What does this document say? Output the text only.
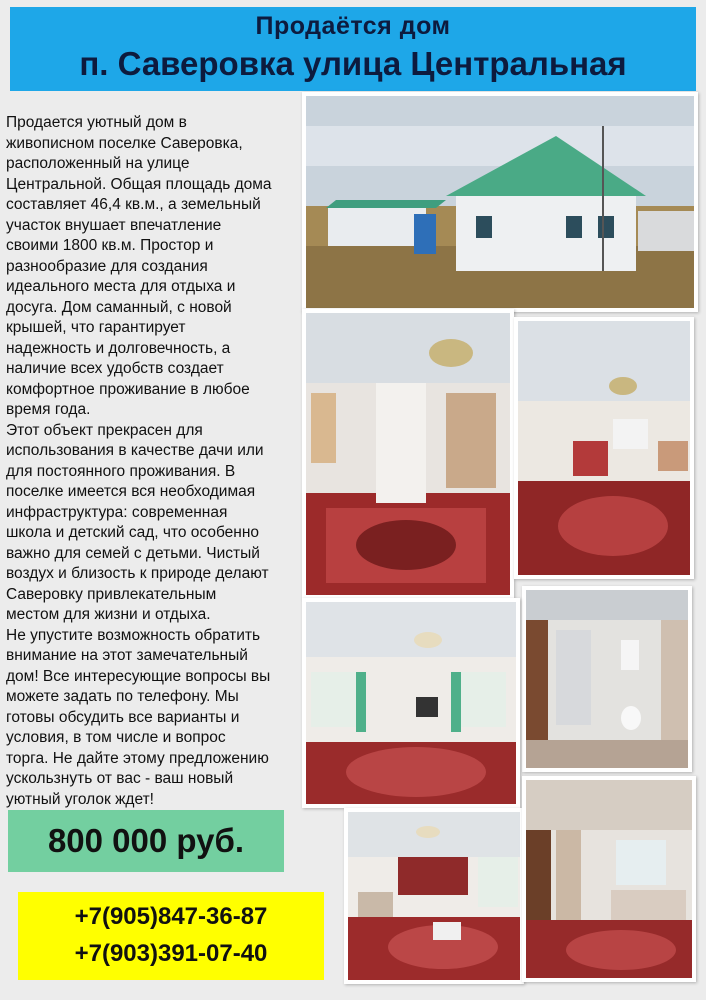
Продаётся дом
п. Саверовка улица Центральная
Продается уютный дом в
живописном поселке Саверовка,
расположенный на улице
Центральной. Общая площадь дома
составляет 46,4 кв.м., а земельный
участок внушает впечатление
своими 1800 кв.м. Простор и
разнообразие для создания
идеального места для отдыха и
досуга. Дом саманный, с новой
крышей, что гарантирует
надежность и долговечность, а
наличие всех удобств создает
комфортное проживание в любое
время года.
Этот объект прекрасен для
использования в качестве дачи или
для постоянного проживания. В
поселке имеется вся необходимая
инфраструктура: современная
школа и детский сад, что особенно
важно для семей с детьми. Чистый
воздух и близость к природе делают
Саверовку привлекательным
местом для жизни и отдыха.
Не упустите возможность обратить
внимание на этот замечательный
дом! Все интересующие вопросы вы
можете задать по телефону. Мы
готовы обсудить все варианты и
условия, в том числе и вопрос
торга. Не дайте этому предложению
ускользнуть от вас - ваш новый
уютный уголок ждет!
800 000 руб.
+7(905)847-36-87
+7(903)391-07-40
